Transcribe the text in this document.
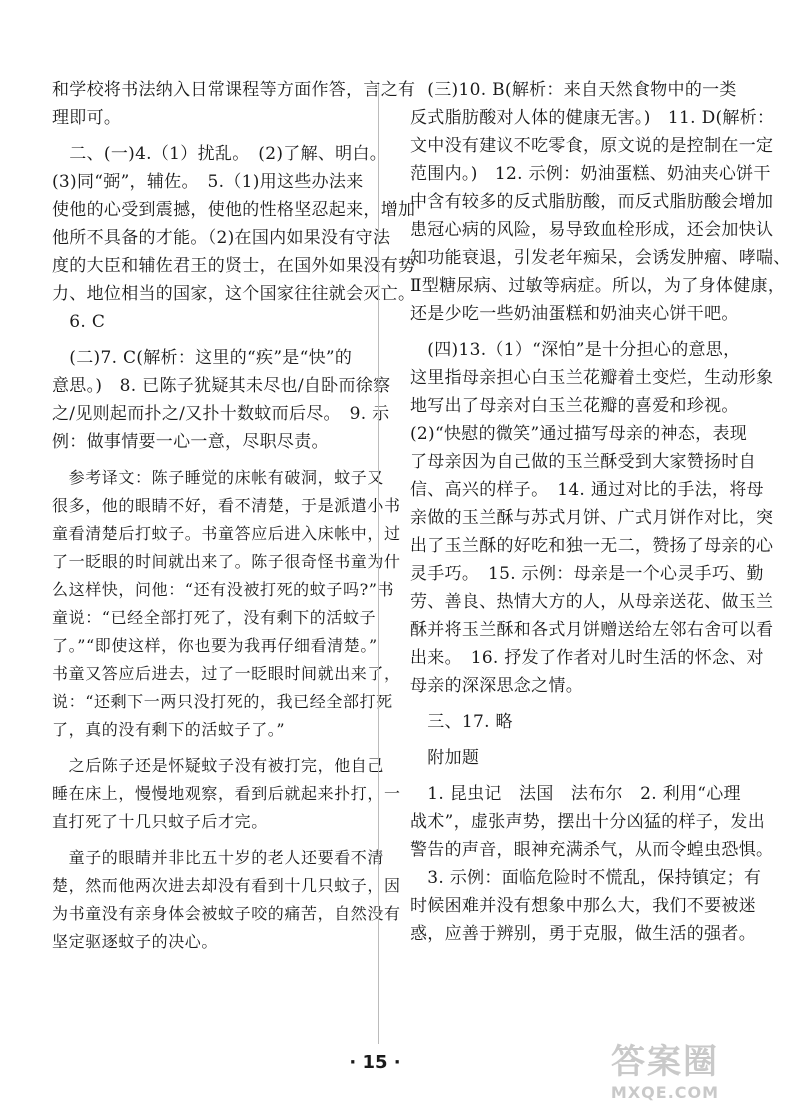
和学校将书法纳入日常课程等方面作答，言之有
理即可。
　二、(一)4.（1）扰乱。　(2)了解、明白。
(3)同“弼”，辅佐。　5.（1)用这些办法来
使他的心受到震撼，使他的性格坚忍起来，增加
他所不具备的才能。（2)在国内如果没有守法
度的大臣和辅佐君王的贤士，在国外如果没有势
力、地位相当的国家，这个国家往往就会灭亡。
　6. C
　(二)7. C(解析：这里的“疾”是“快”的
意思。)　8. 已陈子犹疑其未尽也/自卧而徐察
之/见则起而扑之/又扑十数蚊而后尽。　9. 示
例：做事情要一心一意，尽职尽责。
　参考译文：陈子睡觉的床帐有破洞，蚊子又
很多，他的眼睛不好，看不清楚，于是派遣小书
童看清楚后打蚊子。书童答应后进入床帐中，过
了一眨眼的时间就出来了。陈子很奇怪书童为什
么这样快，问他：“还有没被打死的蚊子吗?”书
童说：“已经全部打死了，没有剩下的活蚊子
了。”“即使这样，你也要为我再仔细看清楚。”
书童又答应后进去，过了一眨眼时间就出来了，
说：“还剩下一两只没打死的，我已经全部打死
了，真的没有剩下的活蚊子了。”
　之后陈子还是怀疑蚊子没有被打完，他自己
睡在床上，慢慢地观察，看到后就起来扑打，一
直打死了十几只蚊子后才完。
　童子的眼睛并非比五十岁的老人还要看不清
楚，然而他两次进去却没有看到十几只蚊子，因
为书童没有亲身体会被蚊子咬的痛苦，自然没有
坚定驱逐蚊子的决心。
　(三)10. B(解析：来自天然食物中的一类
反式脂肪酸对人体的健康无害。)　11. D(解析：
文中没有建议不吃零食，原文说的是控制在一定
范围内。)　12. 示例：奶油蛋糕、奶油夹心饼干
中含有较多的反式脂肪酸，而反式脂肪酸会增加
患冠心病的风险，易导致血栓形成，还会加快认
知功能衰退，引发老年痴呆，会诱发肿瘤、哮喘、
Ⅱ型糖尿病、过敏等病症。所以，为了身体健康，
还是少吃一些奶油蛋糕和奶油夹心饼干吧。
　(四)13.（1）“深怕”是十分担心的意思，
这里指母亲担心白玉兰花瓣着土变烂，生动形象
地写出了母亲对白玉兰花瓣的喜爱和珍视。
(2)“快慰的微笑”通过描写母亲的神态，表现
了母亲因为自己做的玉兰酥受到大家赞扬时自
信、高兴的样子。　14. 通过对比的手法，将母
亲做的玉兰酥与苏式月饼、广式月饼作对比，突
出了玉兰酥的好吃和独一无二，赞扬了母亲的心
灵手巧。　15. 示例：母亲是一个心灵手巧、勤
劳、善良、热情大方的人，从母亲送花、做玉兰
酥并将玉兰酥和各式月饼赠送给左邻右舍可以看
出来。　16. 抒发了作者对儿时生活的怀念、对
母亲的深深思念之情。
　三、17. 略
　附加题
　1. 昆虫记　法国　法布尔　2. 利用“心理
战术”，虚张声势，摆出十分凶猛的样子，发出
警告的声音，眼神充满杀气，从而令蝗虫恐惧。
　3. 示例：面临危险时不慌乱，保持镇定；有
时候困难并没有想象中那么大，我们不要被迷
惑，应善于辨别，勇于克服，做生活的强者。
· 15 ·	答案圈
MXQE.COM
